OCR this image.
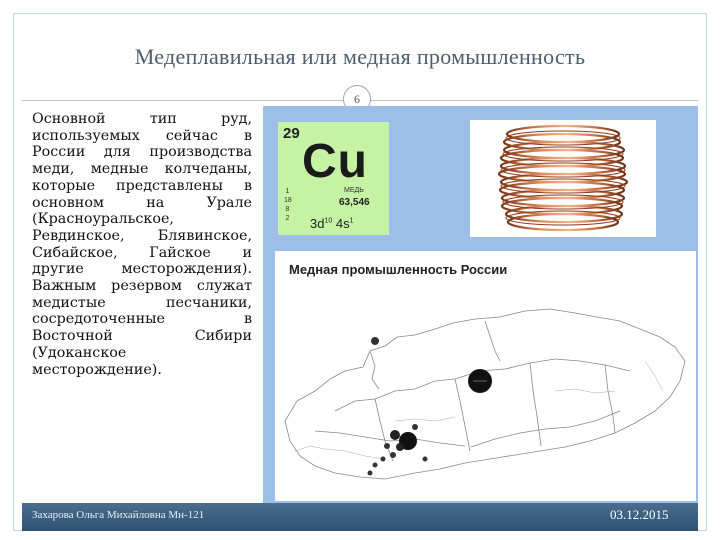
Медеплавильная или медная промышленность
6
Основной тип руд, используемых сейчас в России для производства меди, медные колчеданы, которые представлены в основном на Урале (Красноуральское, Ревдинское, Блявинское, Сибайское, Гайское и другие месторождения). Важным резервом служат медистые песчаники, сосредоточенные в Восточной Сибири (Удоканское месторождение).
29
Cu
МЕДЬ
63,546
1
18
8
2 $3d^{10}$ $4s^1$
Медная промышленность России
Захарова Ольга Михайловна Мн-121	03.12.2015
